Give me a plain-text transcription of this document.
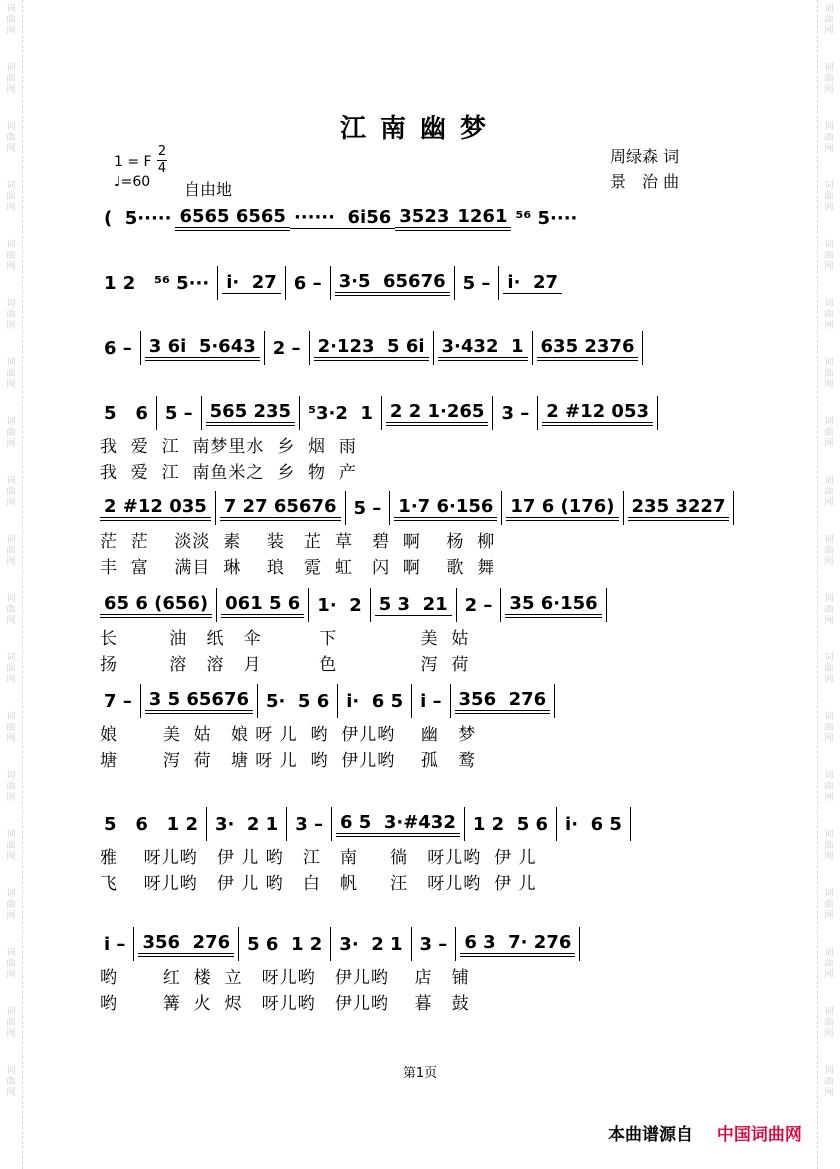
词
曲
网
词
曲
网
词
曲
网
词
曲
网
词
曲
网
词
曲
网
词
曲
网
词
曲
网
词
曲
网
词
曲
网
词
曲
网
词
曲
网
词
曲
网
词
曲
网
词
曲
网
词
曲
网
词
曲
网
词
曲
网
词
曲
网
词
曲
网
词
曲
网
词
曲
网
词
曲
网
词
曲
网
词
曲
网
词
曲
网
词
曲
网
词
曲
网
词
曲
网
词
曲
网
词
曲
网
词
曲
网
词
曲
网
词
曲
网
词
曲
网
词
曲
网
词
曲
网
词
曲
网
江南幽梦
1 = F
2
4
♩=60 自由地
周绿森 词
景　治 曲
(  5····· 6565 6565 ······  6i56 3523 1261 ⁵⁶ 5····
1 2   ⁵⁶ 5··· i·  27 6 – 3·5  65676 5 – i·  27
6 – 3 6i  5·643 2 – 2·123  5 6i 3·432  1 635 2376
5   6 5 – 565 235 ⁵3·2  1 2 2 1·265 3 – 2 #12 053
我  爱  江  南梦里水  乡  烟  雨
我  爱  江  南鱼米之  乡  物  产
2 #12 035 7 27 65676 5 – 1·7 6·156 17 6 (176) 235 3227
茫  茫    淡淡  素    装   芷  草   碧  啊    杨  柳
丰  富    满目  琳    琅   霓  虹   闪  啊    歌  舞
65 6 (656) 061 5 6 1·  2 5 3  21 2 – 35 6·156
长        油   纸   伞         下             美  姑
扬        溶   溶   月         色             泻  荷
7 – 3 5 65676 5·  5 6 i·  6 5 i – 356  276
娘       美  姑   娘 呀 儿  哟  伊儿哟    幽   梦
塘       泻  荷   塘 呀 儿  哟  伊儿哟    孤   鹜
5   6   1 2 3·  2 1 3 – 6 5  3·#432 1 2  5 6 i·  6 5
雅    呀儿哟   伊 儿 哟   江   南     徜   呀儿哟  伊 儿
飞    呀儿哟   伊 儿 哟   白   帆     汪   呀儿哟  伊 儿
i – 356  276 5 6  1 2 3·  2 1 3 – 6 3  7· 276
哟       红  楼  立   呀儿哟   伊儿哟    店   铺
哟       篝  火  烬   呀儿哟   伊儿哟    暮   鼓
第1页
本曲谱源自 中国词曲网
